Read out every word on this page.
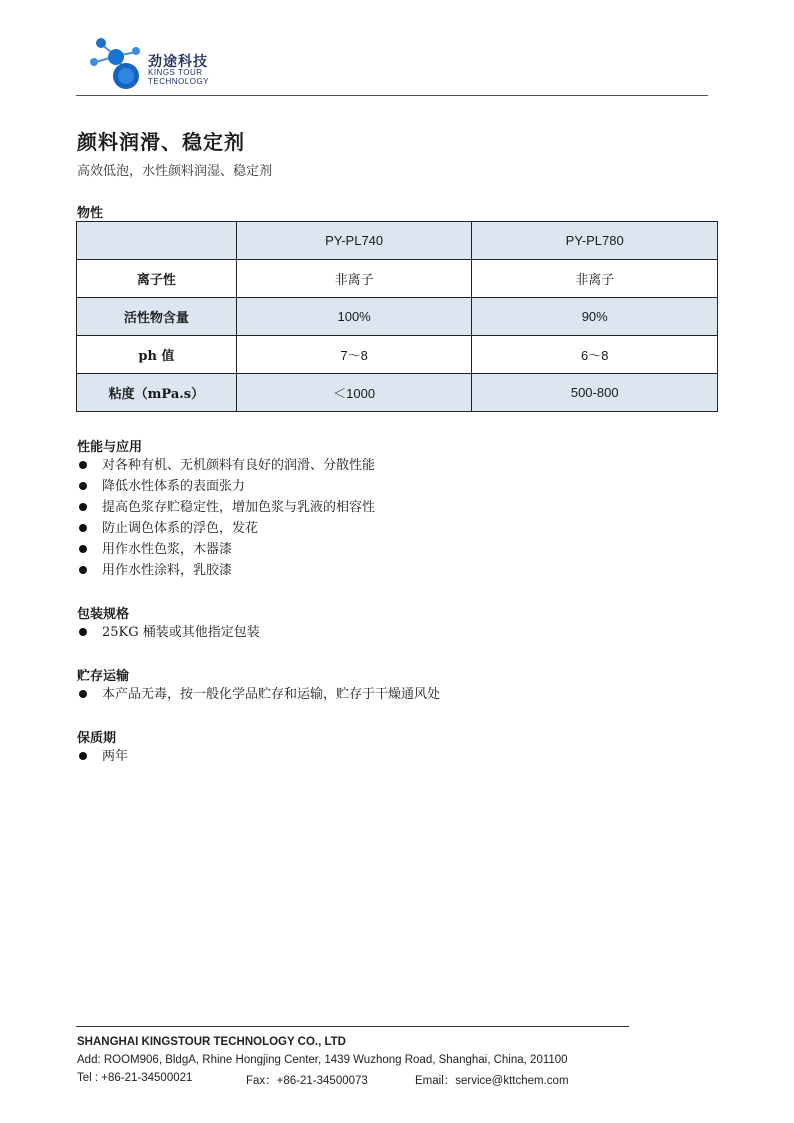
劲途科技
KINGS TOUR
TECHNOLOGY
颜料润滑、稳定剂
高效低泡，水性颜料润湿、稳定剂
物性
	PY-PL740	PY-PL780
离子性	非离子	非离子
活性物含量	100%	90%
ph 值	7～8	6～8
粘度（mPa.s）	＜1000	500-800
性能与应用
对各种有机、无机颜料有良好的润滑、分散性能
降低水性体系的表面张力
提高色浆存贮稳定性，增加色浆与乳液的相容性
防止调色体系的浮色，发花
用作水性色浆，木器漆
用作水性涂料，乳胶漆
包装规格
25KG 桶装或其他指定包装
贮存运输
本产品无毒，按一般化学品贮存和运输，贮存于干燥通风处
保质期
两年
SHANGHAI KINGSTOUR TECHNOLOGY CO., LTD
Add: ROOM906, BldgA, Rhine Hongjing Center, 1439 Wuzhong Road, Shanghai, China, 201100
Tel : +86-21-34500021	Fax：+86-21-34500073	Email：service@kttchem.com
